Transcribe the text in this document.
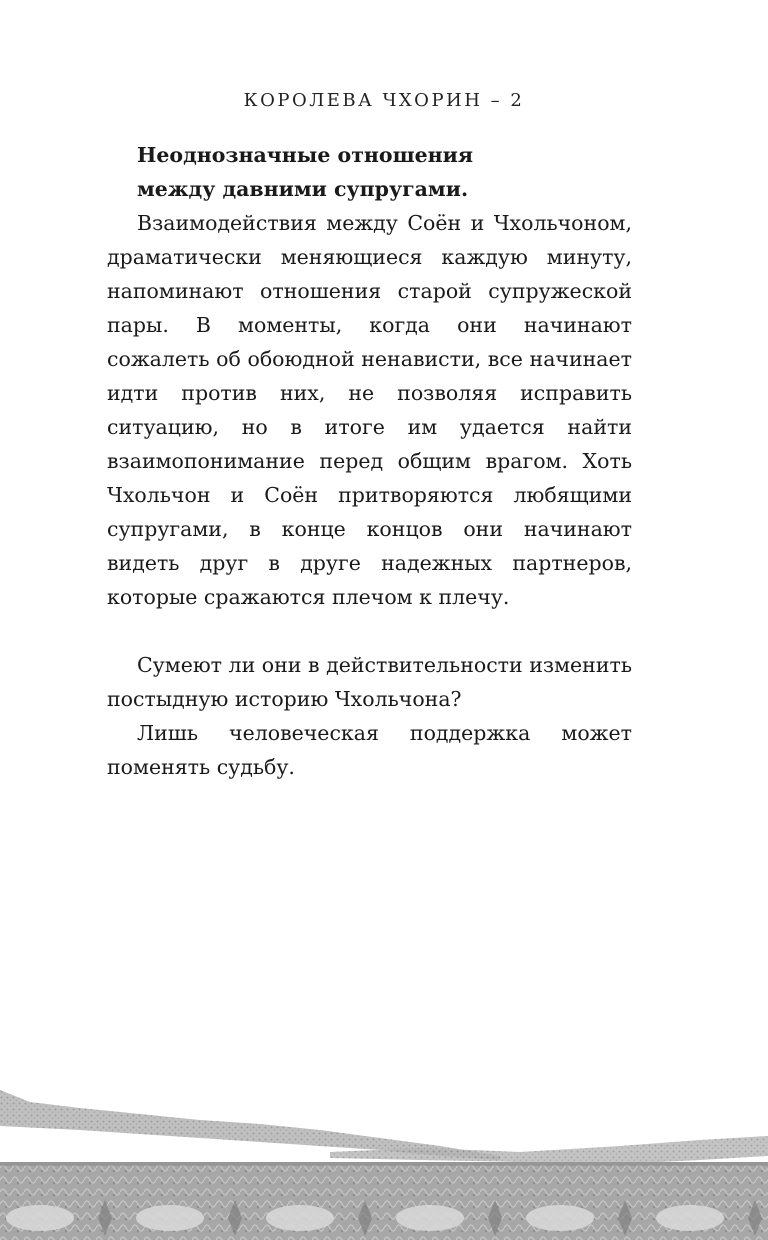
КОРОЛЕВА ЧХОРИН – 2
Неоднозначные отношения
между давними супругами.

Взаимодействия между Соён и Чхольчоном, драматически меняющиеся каждую минуту, напоминают отношения старой супружеской пары. В моменты, когда они начинают сожалеть об обоюдной ненависти, все начинает идти против них, не позволяя исправить ситуацию, но в итоге им удается найти взаимопонимание перед общим врагом. Хоть Чхольчон и Соён притворяются любящими супругами, в конце концов они начинают видеть друг в друге надежных партнеров, которые сражаются плечом к плечу.

Сумеют ли они в действительности изменить постыдную историю Чхольчона?

Лишь человеческая поддержка может поменять судьбу.
